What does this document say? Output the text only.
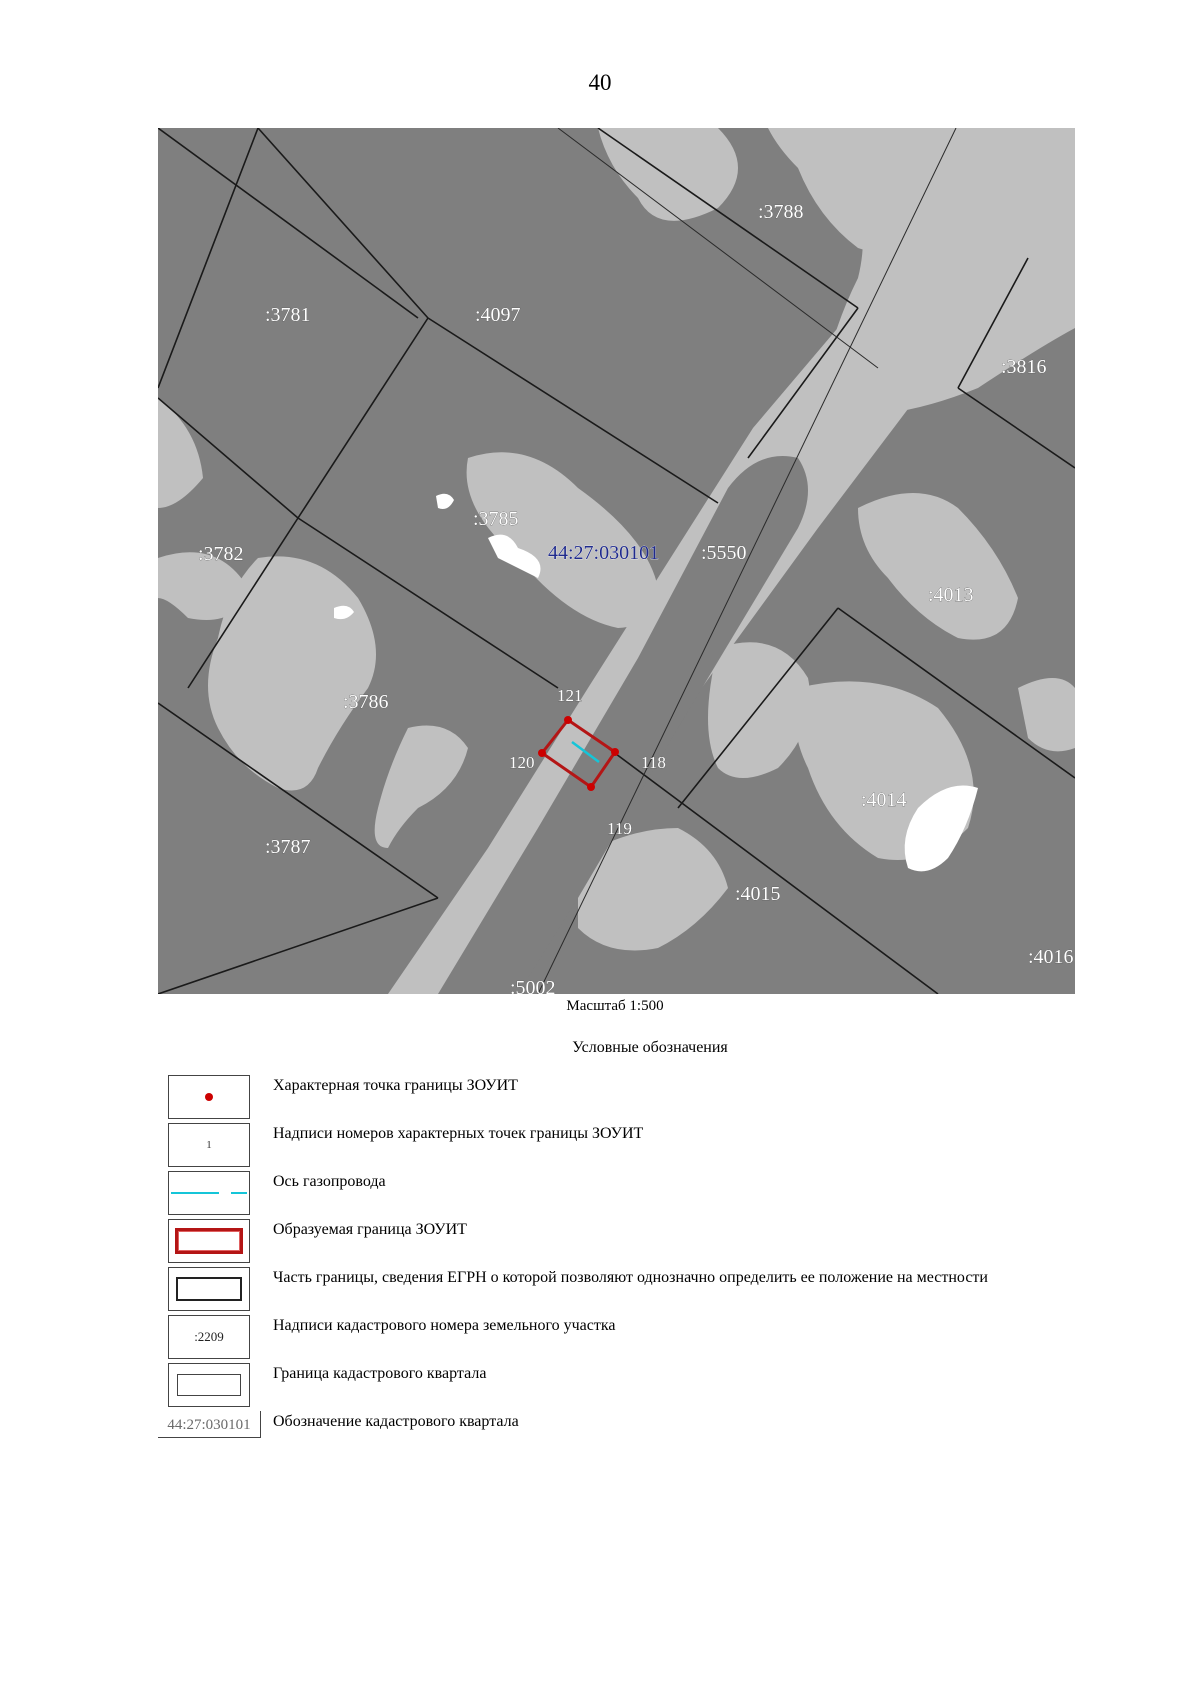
40
:3788
:3781	:4097
:3816
:3785
:3782	:5550
:4013
:3786
:3787
:4014
:4015
:4016
:5002
44:27:030101
121
120	118
119
Масштаб 1:500
Условные обозначения
Характерная точка границы ЗОУИТ
1
Надписи номеров характерных точек границы ЗОУИТ
Ось газопровода
Образуемая граница ЗОУИТ
Часть границы, сведения ЕГРН о которой позволяют однозначно определить ее положение на местности
:2209
Надписи кадастрового номера земельного участка
Граница кадастрового квартала
44:27:030101 Обозначение кадастрового квартала
